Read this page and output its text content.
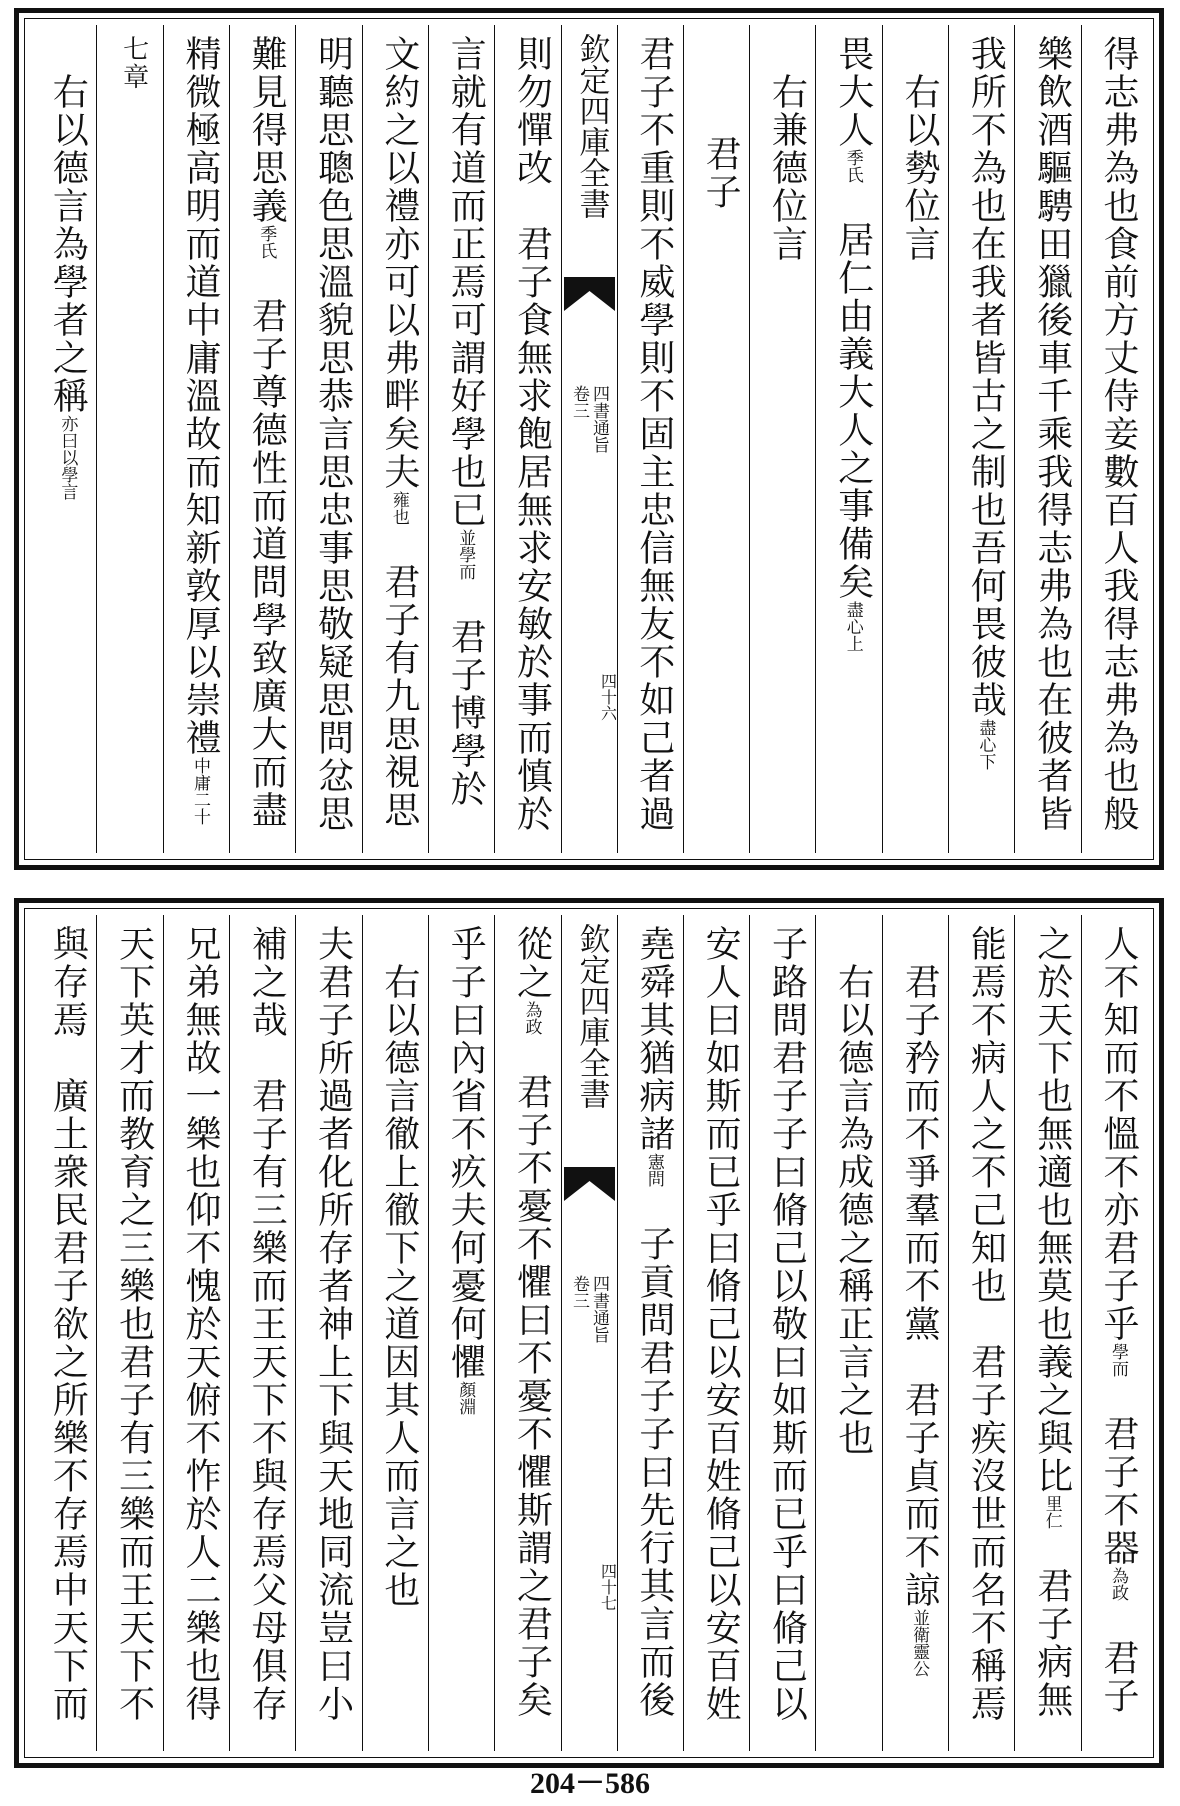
得志弗為也食前方丈侍妾數百人我得志弗為也般
樂飲酒驅騁田獵後車千乘我得志弗為也在彼者皆
我所不為也在我者皆古之制也吾何畏彼哉盡心下
右以勢位言
畏大人季氏　居仁由義大人之事備矣盡心上
右兼德位言
君子
君子不重則不威學則不固主忠信無友不如己者過
欽定四庫全書
四書通旨
卷三
四十六
則勿憚改　君子食無求飽居無求安敏於事而慎於
言就有道而正焉可謂好學也已並學而　君子博學於
文約之以禮亦可以弗畔矣夫雍也　君子有九思視思
明聽思聰色思溫貌思恭言思忠事思敬疑思問忿思
難見得思義季氏　君子尊德性而道問學致廣大而盡
精微極高明而道中庸溫故而知新敦厚以崇禮中庸二十
七章
右以德言為學者之稱亦曰以學言
人不知而不慍不亦君子乎學而　君子不器為政　君子
之於天下也無適也無莫也義之與比里仁　君子病無
能焉不病人之不己知也　君子疾沒世而名不稱焉
君子矜而不爭羣而不黨　君子貞而不諒並衛靈公
右以德言為成德之稱正言之也
子路問君子子曰脩己以敬曰如斯而已乎曰脩己以
安人曰如斯而已乎曰脩己以安百姓脩己以安百姓
堯舜其猶病諸憲問　子貢問君子子曰先行其言而後
欽定四庫全書
四書通旨
卷三
四十七
從之為政　君子不憂不懼曰不憂不懼斯謂之君子矣
乎子曰內省不疚夫何憂何懼顏淵
右以德言徹上徹下之道因其人而言之也
夫君子所過者化所存者神上下與天地同流豈曰小
補之哉　君子有三樂而王天下不與存焉父母俱存
兄弟無故一樂也仰不愧於天俯不怍於人二樂也得
天下英才而教育之三樂也君子有三樂而王天下不
與存焉　廣土衆民君子欲之所樂不存焉中天下而
204－586
